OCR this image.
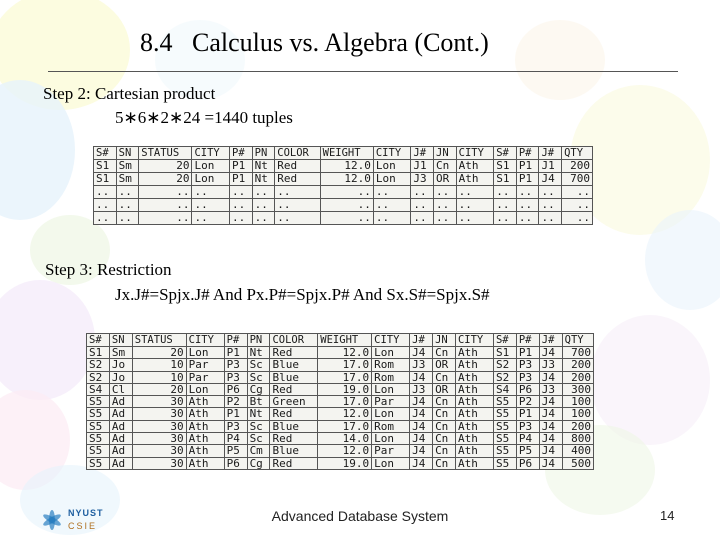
8.4   Calculus vs. Algebra (Cont.)
Step 2: Cartesian product
5∗6∗2∗24 =1440 tuples
S#	SN	STATUS	CITY	P#	PN	COLOR	WEIGHT	CITY	J#	JN	CITY	S#	P#	J#	QTY
S1	Sm	20	Lon	P1	Nt	Red	12.0	Lon	J1	Cn	Ath	S1	P1	J1	200
S1	Sm	20	Lon	P1	Nt	Red	12.0	Lon	J3	OR	Ath	S1	P1	J4	700
..	..	..	..	..	..	..	..	..	..	..	..	..	..	..	..
..	..	..	..	..	..	..	..	..	..	..	..	..	..	..	..
..	..	..	..	..	..	..	..	..	..	..	..	..	..	..	..
Step 3: Restriction
Jx.J#=Spjx.J# And Px.P#=Spjx.P# And Sx.S#=Spjx.S#
S#	SN	STATUS	CITY	P#	PN	COLOR	WEIGHT	CITY	J#	JN	CITY	S#	P#	J#	QTY
S1	Sm	20	Lon	P1	Nt	Red	12.0	Lon	J4	Cn	Ath	S1	P1	J4	700
S2	Jo	10	Par	P3	Sc	Blue	17.0	Rom	J3	OR	Ath	S2	P3	J3	200
S2	Jo	10	Par	P3	Sc	Blue	17.0	Rom	J4	Cn	Ath	S2	P3	J4	200
S4	Cl	20	Lon	P6	Cg	Red	19.0	Lon	J3	OR	Ath	S4	P6	J3	300
S5	Ad	30	Ath	P2	Bt	Green	17.0	Par	J4	Cn	Ath	S5	P2	J4	100
S5	Ad	30	Ath	P1	Nt	Red	12.0	Lon	J4	Cn	Ath	S5	P1	J4	100
S5	Ad	30	Ath	P3	Sc	Blue	17.0	Rom	J4	Cn	Ath	S5	P3	J4	200
S5	Ad	30	Ath	P4	Sc	Red	14.0	Lon	J4	Cn	Ath	S5	P4	J4	800
S5	Ad	30	Ath	P5	Cm	Blue	12.0	Par	J4	Cn	Ath	S5	P5	J4	400
S5	Ad	30	Ath	P6	Cg	Red	19.0	Lon	J4	Cn	Ath	S5	P6	J4	500
NYUST
CSIE
Advanced Database System	14
